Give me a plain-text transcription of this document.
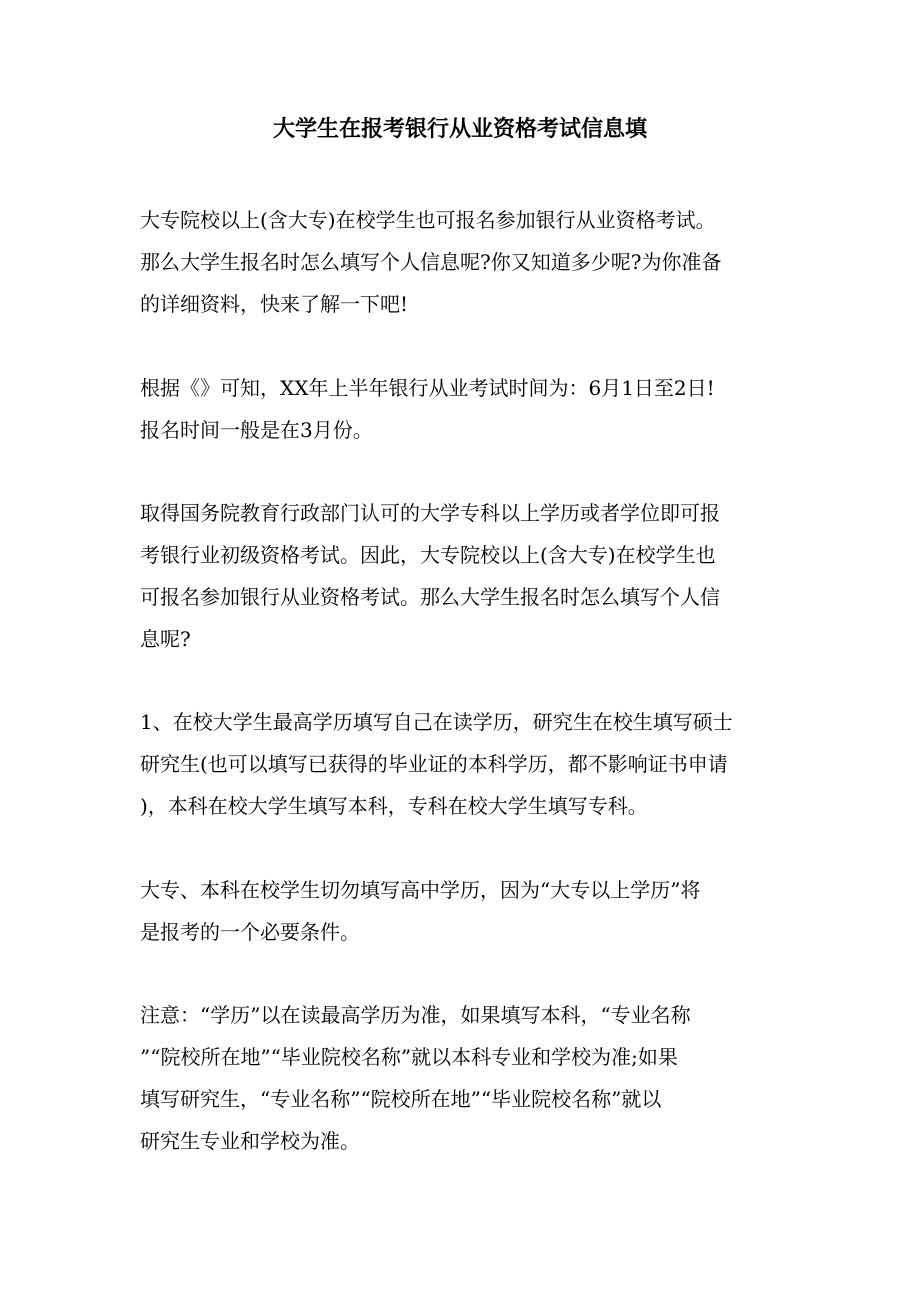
大学生在报考银行从业资格考试信息填

大专院校以上(含大专)在校学生也可报名参加银行从业资格考试。
那么大学生报名时怎么填写个人信息呢?你又知道多少呢?为你准备
的详细资料，快来了解一下吧!

根据《》可知，XX年上半年银行从业考试时间为：6月1日至2日!
报名时间一般是在3月份。

取得国务院教育行政部门认可的大学专科以上学历或者学位即可报
考银行业初级资格考试。因此，大专院校以上(含大专)在校学生也
可报名参加银行从业资格考试。那么大学生报名时怎么填写个人信
息呢?

1、在校大学生最高学历填写自己在读学历，研究生在校生填写硕士
研究生(也可以填写已获得的毕业证的本科学历，都不影响证书申请
)，本科在校大学生填写本科，专科在校大学生填写专科。

大专、本科在校学生切勿填写高中学历，因为“大专以上学历”将
是报考的一个必要条件。

注意：“学历”以在读最高学历为准，如果填写本科，“专业名称
”“院校所在地”“毕业院校名称”就以本科专业和学校为准;如果
填写研究生，“专业名称”“院校所在地”“毕业院校名称”就以
研究生专业和学校为准。
